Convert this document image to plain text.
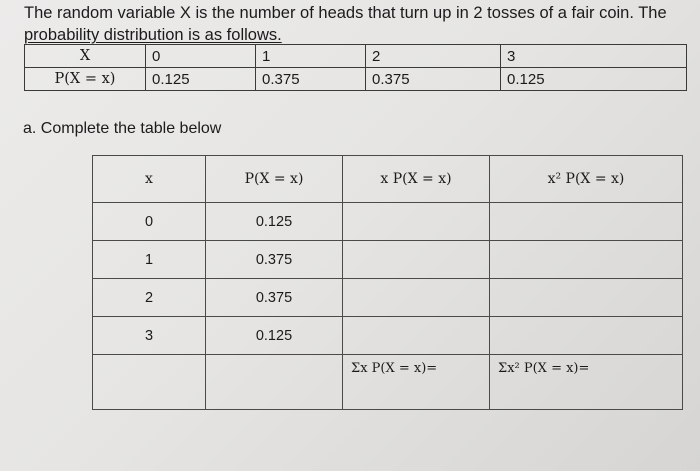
The random variable X is the number of heads that turn up in 2 tosses of a fair coin. The
probability distribution is as follows.
X	0	1	2	3
P(X = x)	0.125	0.375	0.375	0.125
a. Complete the table below
x	P(X = x)	x P(X = x)	x² P(X = x)
0	0.125		
1	0.375		
2	0.375		
3	0.125		

		Σx P(X = x)=	Σx² P(X = x)=
